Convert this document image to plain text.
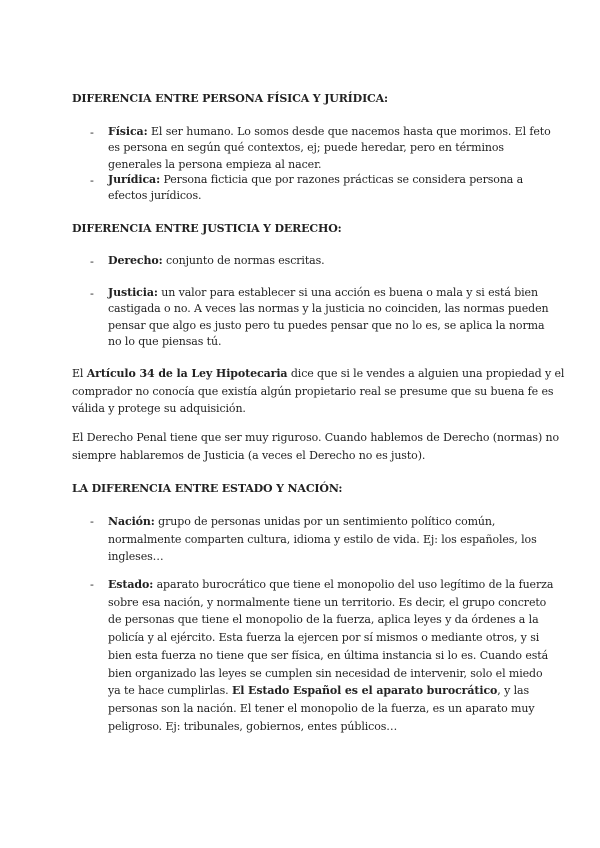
DIFERENCIA ENTRE PERSONA FÍSICA Y JURÍDICA:
- Física: El ser humano. Lo somos desde que nacemos hasta que morimos. El feto
es persona en según qué contextos, ej; puede heredar, pero en términos
generales la persona empieza al nacer.
- Jurídica: Persona ficticia que por razones prácticas se considera persona a
efectos jurídicos.
DIFERENCIA ENTRE JUSTICIA Y DERECHO:
- Derecho: conjunto de normas escritas.
- Justicia: un valor para establecer si una acción es buena o mala y si está bien
castigada o no. A veces las normas y la justicia no coinciden, las normas pueden
pensar que algo es justo pero tu puedes pensar que no lo es, se aplica la norma
no lo que piensas tú.
El Artículo 34 de la Ley Hipotecaria dice que si le vendes a alguien una propiedad y el
comprador no conocía que existía algún propietario real se presume que su buena fe es
válida y protege su adquisición.
El Derecho Penal tiene que ser muy riguroso. Cuando hablemos de Derecho (normas) no
siempre hablaremos de Justicia (a veces el Derecho no es justo).
LA DIFERENCIA ENTRE ESTADO Y NACIÓN:
- Nación: grupo de personas unidas por un sentimiento político común,
normalmente comparten cultura, idioma y estilo de vida. Ej: los españoles, los
ingleses…
- Estado: aparato burocrático que tiene el monopolio del uso legítimo de la fuerza
sobre esa nación, y normalmente tiene un territorio. Es decir, el grupo concreto
de personas que tiene el monopolio de la fuerza, aplica leyes y da órdenes a la
policía y al ejército. Esta fuerza la ejercen por sí mismos o mediante otros, y si
bien esta fuerza no tiene que ser física, en última instancia si lo es. Cuando está
bien organizado las leyes se cumplen sin necesidad de intervenir, solo el miedo
ya te hace cumplirlas. El Estado Español es el aparato burocrático, y las
personas son la nación. El tener el monopolio de la fuerza, es un aparato muy
peligroso. Ej: tribunales, gobiernos, entes públicos…
